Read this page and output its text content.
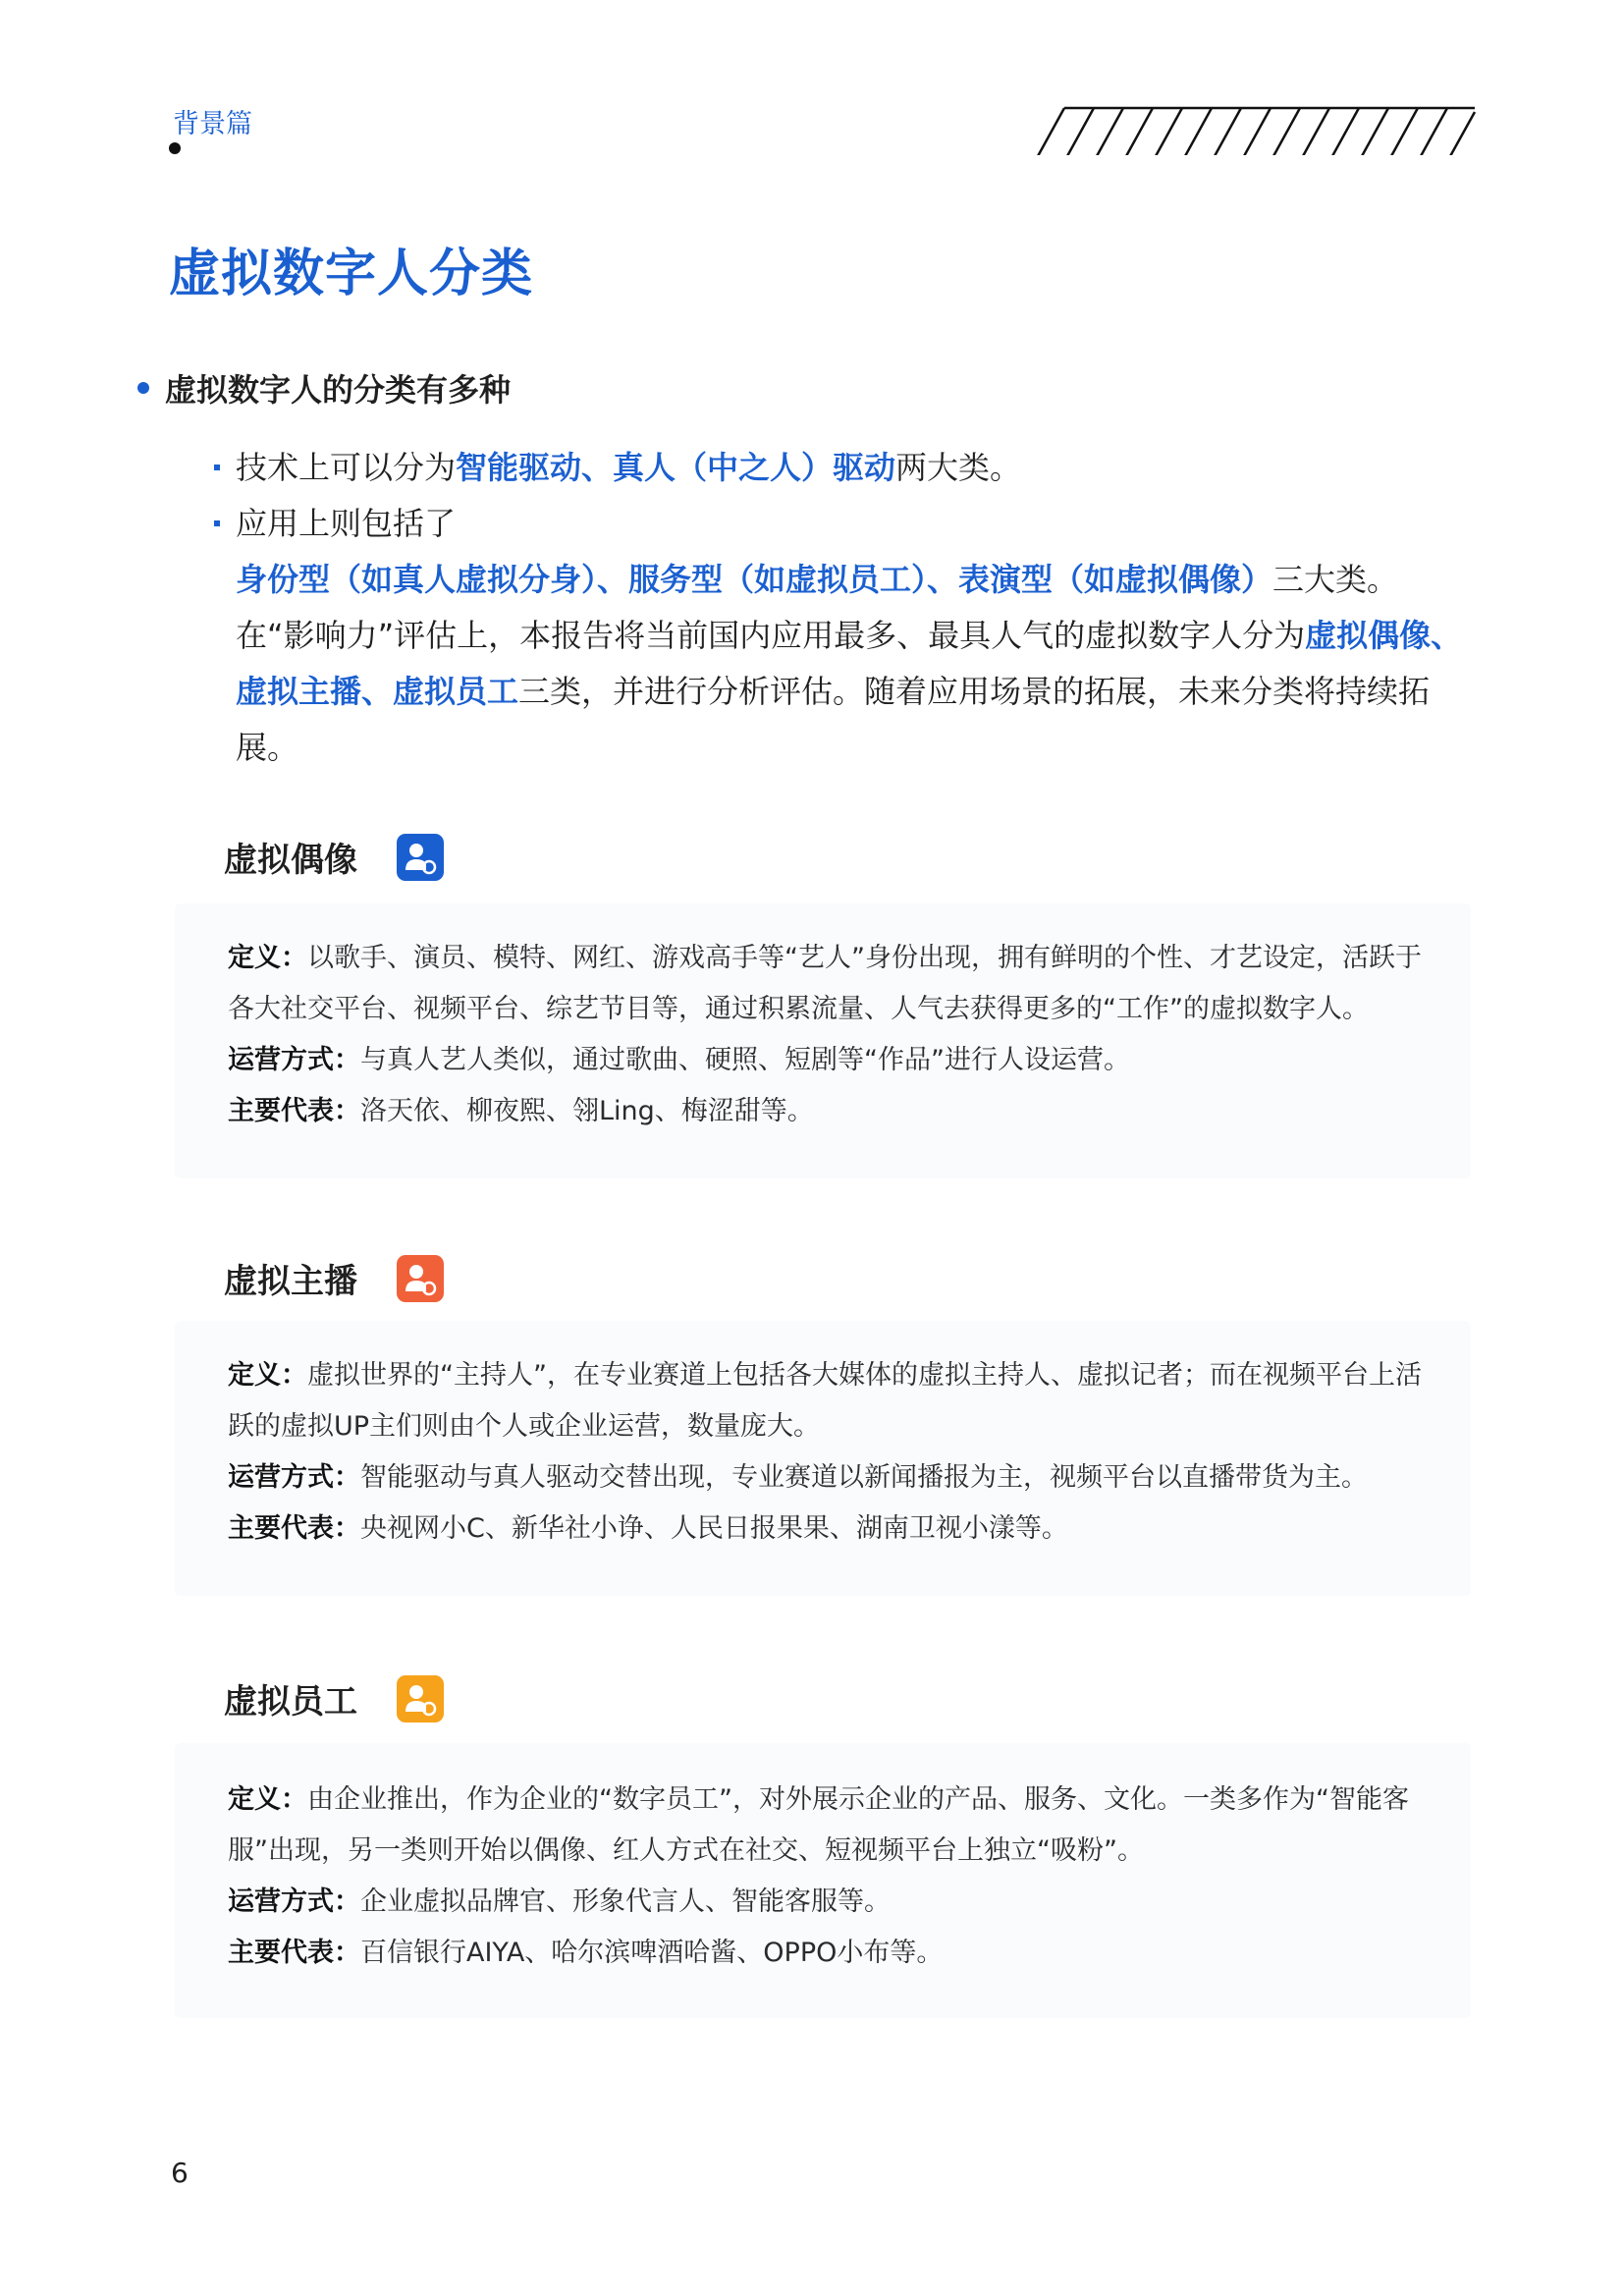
背景篇
虚拟数字人分类
虚拟数字人的分类有多种
技术上可以分为智能驱动、真人（中之人）驱动两大类。
应用上则包括了身份型（如真人虚拟分身）、服务型（如虚拟员工）、表演型（如虚拟偶像）三大类。
在“影响力”评估上，本报告将当前国内应用最多、最具人气的虚拟数字人分为虚拟偶像、虚拟主播、虚拟员工三类，并进行分析评估。随着应用场景的拓展，未来分类将持续拓展。
虚拟偶像

定义：以歌手、演员、模特、网红、游戏高手等“艺人”身份出现，拥有鲜明的个性、才艺设定，活跃于各大社交平台、视频平台、综艺节目等，通过积累流量、人气去获得更多的“工作”的虚拟数字人。

运营方式：与真人艺人类似，通过歌曲、硬照、短剧等“作品”进行人设运营。

主要代表：洛天依、柳夜熙、翎Ling、梅涩甜等。

虚拟主播

定义：虚拟世界的“主持人”，在专业赛道上包括各大媒体的虚拟主持人、虚拟记者；而在视频平台上活跃的虚拟UP主们则由个人或企业运营，数量庞大。

运营方式：智能驱动与真人驱动交替出现，专业赛道以新闻播报为主，视频平台以直播带货为主。

主要代表：央视网小C、新华社小诤、人民日报果果、湖南卫视小漾等。

虚拟员工

定义：由企业推出，作为企业的“数字员工”，对外展示企业的产品、服务、文化。一类多作为“智能客服”出现，另一类则开始以偶像、红人方式在社交、短视频平台上独立“吸粉”。

运营方式：企业虚拟品牌官、形象代言人、智能客服等。

主要代表：百信银行AIYA、哈尔滨啤酒哈酱、OPPO小布等。

6
